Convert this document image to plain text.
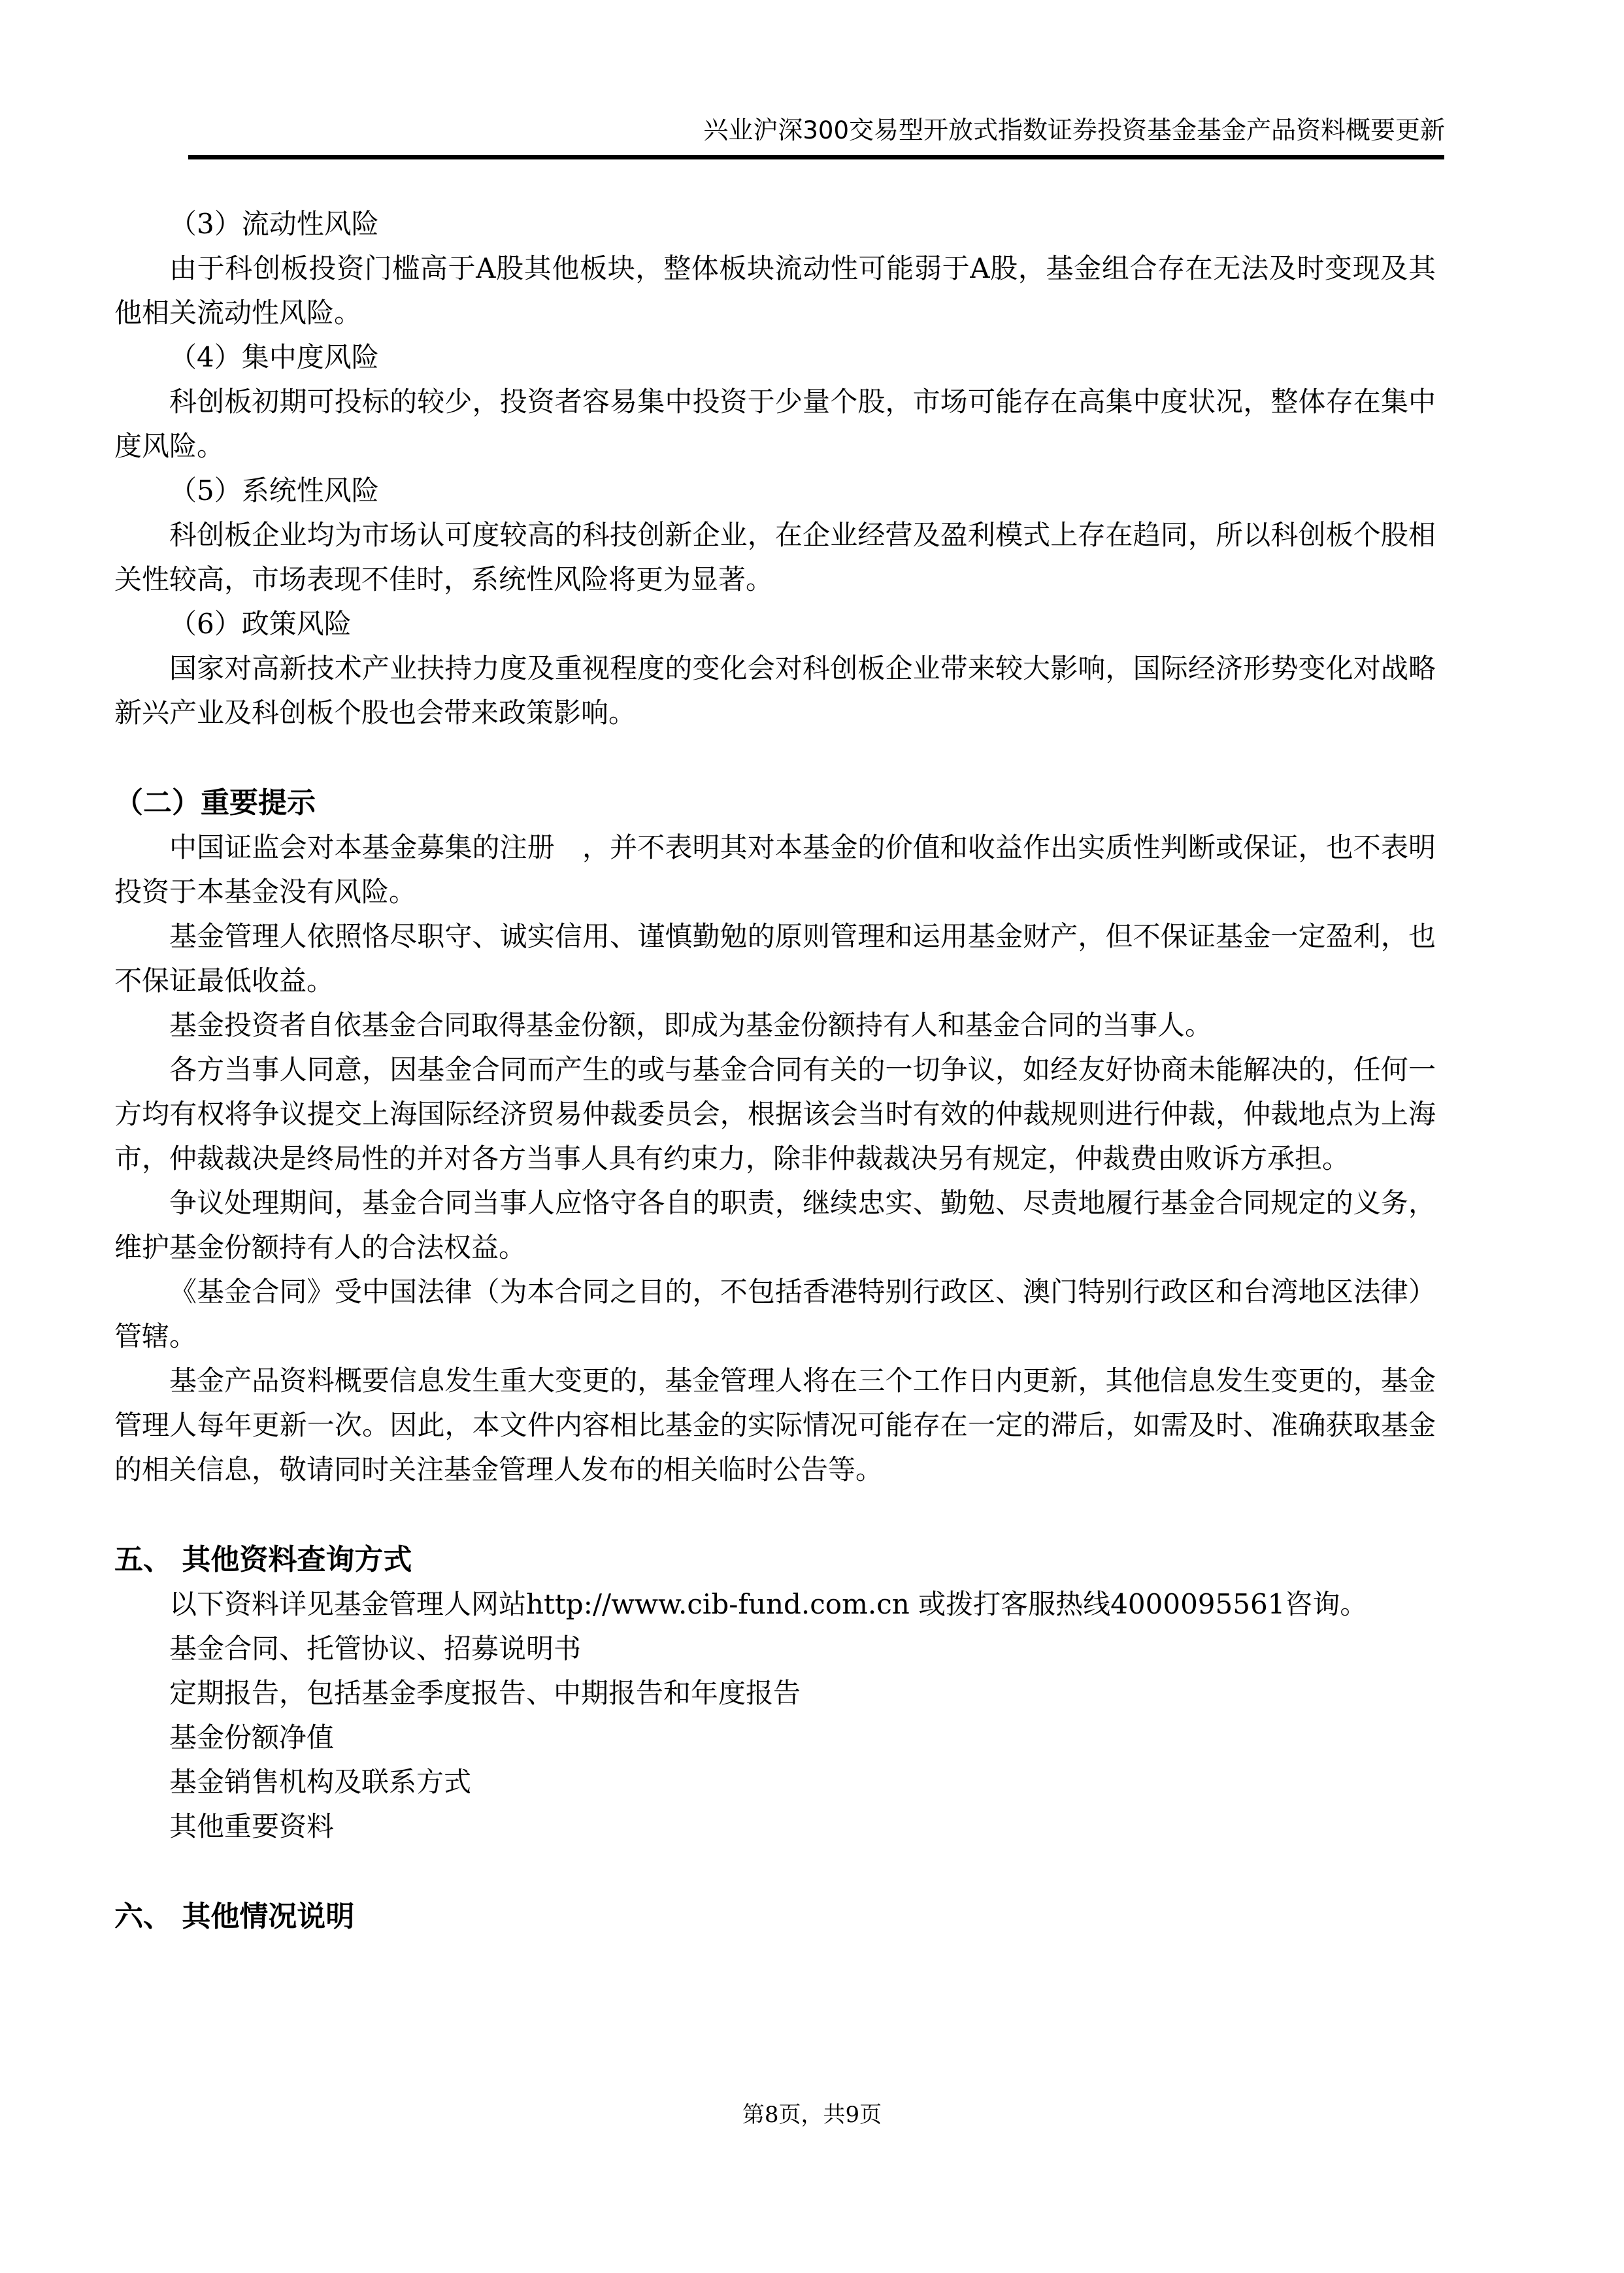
兴业沪深300交易型开放式指数证券投资基金基金产品资料概要更新

（3）流动性风险

由于科创板投资门槛高于A股其他板块，整体板块流动性可能弱于A股，基金组合存在无法及时变现及其他相关流动性风险。

（4）集中度风险

科创板初期可投标的较少，投资者容易集中投资于少量个股，市场可能存在高集中度状况，整体存在集中度风险。

（5）系统性风险

科创板企业均为市场认可度较高的科技创新企业，在企业经营及盈利模式上存在趋同，所以科创板个股相关性较高，市场表现不佳时，系统性风险将更为显著。

（6）政策风险

国家对高新技术产业扶持力度及重视程度的变化会对科创板企业带来较大影响，国际经济形势变化对战略新兴产业及科创板个股也会带来政策影响。

（二）重要提示

中国证监会对本基金募集的注册　，并不表明其对本基金的价值和收益作出实质性判断或保证，也不表明投资于本基金没有风险。

基金管理人依照恪尽职守、诚实信用、谨慎勤勉的原则管理和运用基金财产，但不保证基金一定盈利，也不保证最低收益。

基金投资者自依基金合同取得基金份额，即成为基金份额持有人和基金合同的当事人。

各方当事人同意，因基金合同而产生的或与基金合同有关的一切争议，如经友好协商未能解决的，任何一方均有权将争议提交上海国际经济贸易仲裁委员会，根据该会当时有效的仲裁规则进行仲裁，仲裁地点为上海市，仲裁裁决是终局性的并对各方当事人具有约束力，除非仲裁裁决另有规定，仲裁费由败诉方承担。

争议处理期间，基金合同当事人应恪守各自的职责，继续忠实、勤勉、尽责地履行基金合同规定的义务，维护基金份额持有人的合法权益。

《基金合同》受中国法律（为本合同之目的，不包括香港特别行政区、澳门特别行政区和台湾地区法律）管辖。

基金产品资料概要信息发生重大变更的，基金管理人将在三个工作日内更新，其他信息发生变更的，基金管理人每年更新一次。因此，本文件内容相比基金的实际情况可能存在一定的滞后，如需及时、准确获取基金的相关信息，敬请同时关注基金管理人发布的相关临时公告等。

五、 其他资料查询方式

以下资料详见基金管理人网站http://www.cib-fund.com.cn 或拨打客服热线4000095561咨询。

基金合同、托管协议、招募说明书

定期报告，包括基金季度报告、中期报告和年度报告

基金份额净值

基金销售机构及联系方式

其他重要资料

六、 其他情况说明

第8页，共9页
